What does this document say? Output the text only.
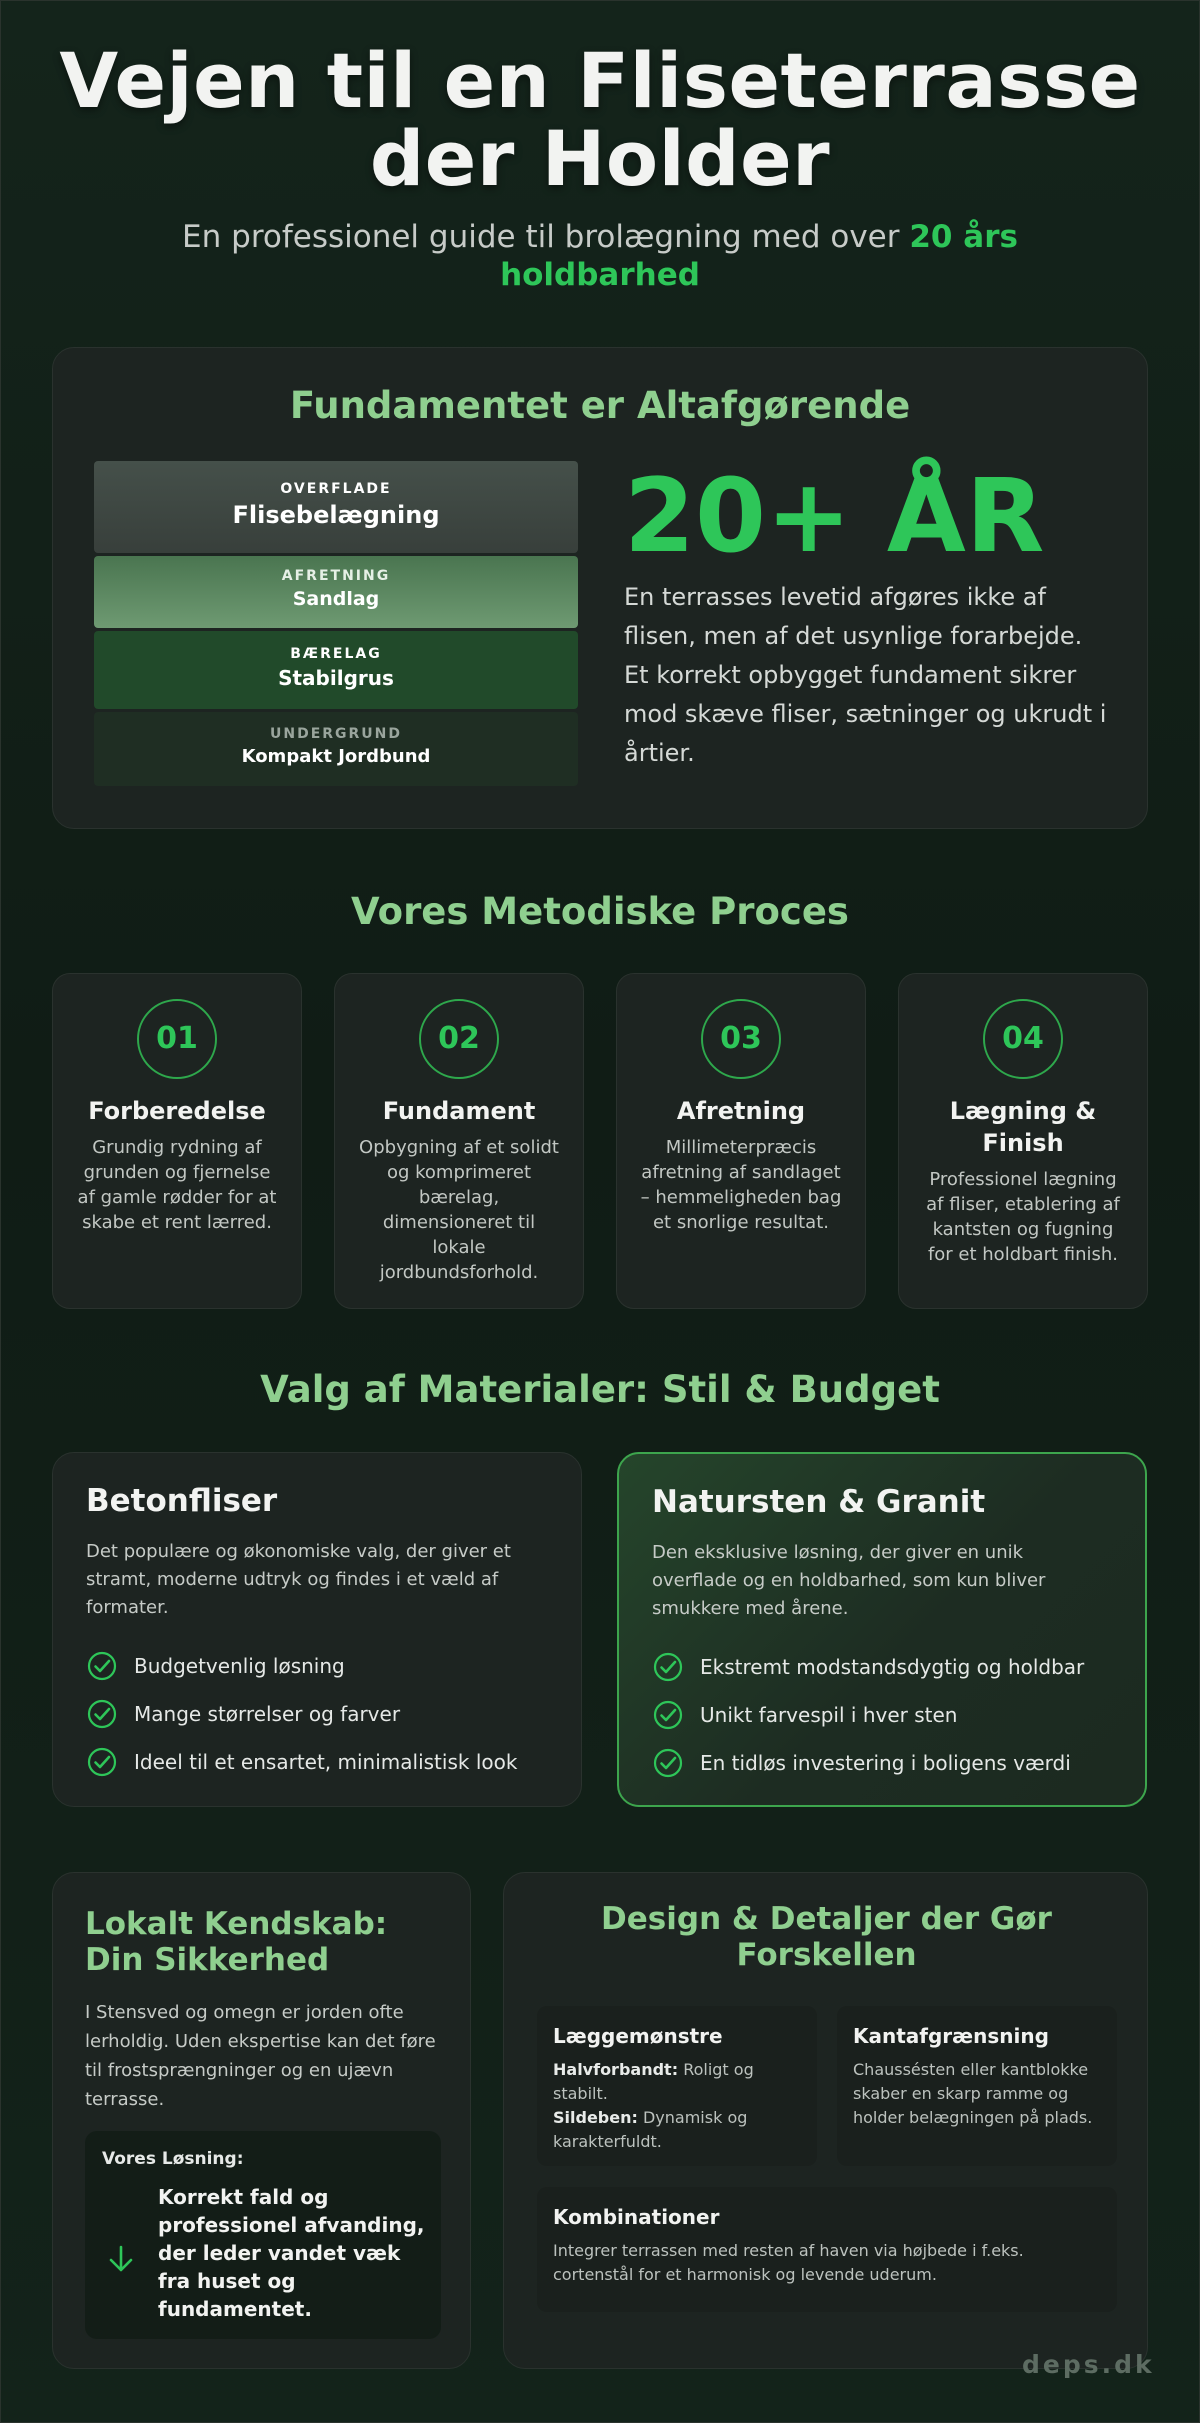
Vejen til en Fliseterrasse
der Holder
En professionel guide til brolægning med over 20 års holdbarhed
Fundamentet er Altafgørende
OVERFLADE
Flisebelægning
AFRETNING
Sandlag
BÆRELAG
Stabilgrus
UNDERGRUND
Kompakt Jordbund
20+ ÅR

En terrasses levetid afgøres ikke af flisen, men af det usynlige forarbejde. Et korrekt opbygget fundament sikrer mod skæve fliser, sætninger og ukrudt i årtier.

Vores Metodiske Proces
01
Forberedelse

Grundig rydning af grunden og fjernelse af gamle rødder for at skabe et rent lærred.

02
Fundament

Opbygning af et solidt og komprimeret bærelag, dimensioneret til lokale jordbundsforhold.

03
Afretning

Millimeterpræcis afretning af sandlaget – hemmeligheden bag et snorlige resultat.

04
Lægning & Finish

Professionel lægning af fliser, etablering af kantsten og fugning for et holdbart finish.

Valg af Materialer: Stil & Budget
Betonfliser

Det populære og økonomiske valg, der giver et stramt, moderne udtryk og findes i et væld af formater.

Budgetvenlig løsning
Mange størrelser og farver
Ideel til et ensartet, minimalistisk look
Natursten & Granit

Den eksklusive løsning, der giver en unik overflade og en holdbarhed, som kun bliver smukkere med årene.

Ekstremt modstandsdygtig og holdbar
Unikt farvespil i hver sten
En tidløs investering i boligens værdi
Lokalt Kendskab: Din Sikkerhed

I Stensved og omegn er jorden ofte lerholdig. Uden ekspertise kan det føre til frostsprængninger og en ujævn terrasse.

Vores Løsning:
Korrekt fald og professionel afvanding, der leder vandet væk fra huset og fundamentet.
Design & Detaljer der Gør Forskellen
Læggemønstre
Halvforbandt: Roligt og stabilt.
Sildeben: Dynamisk og karakterfuldt.
Kantafgrænsning
Chaussésten eller kantblokke skaber en skarp ramme og holder belægningen på plads.
Kombinationer
Integrer terrassen med resten af haven via højbede i f.eks. cortenstål for et harmonisk og levende uderum.
deps.dk
